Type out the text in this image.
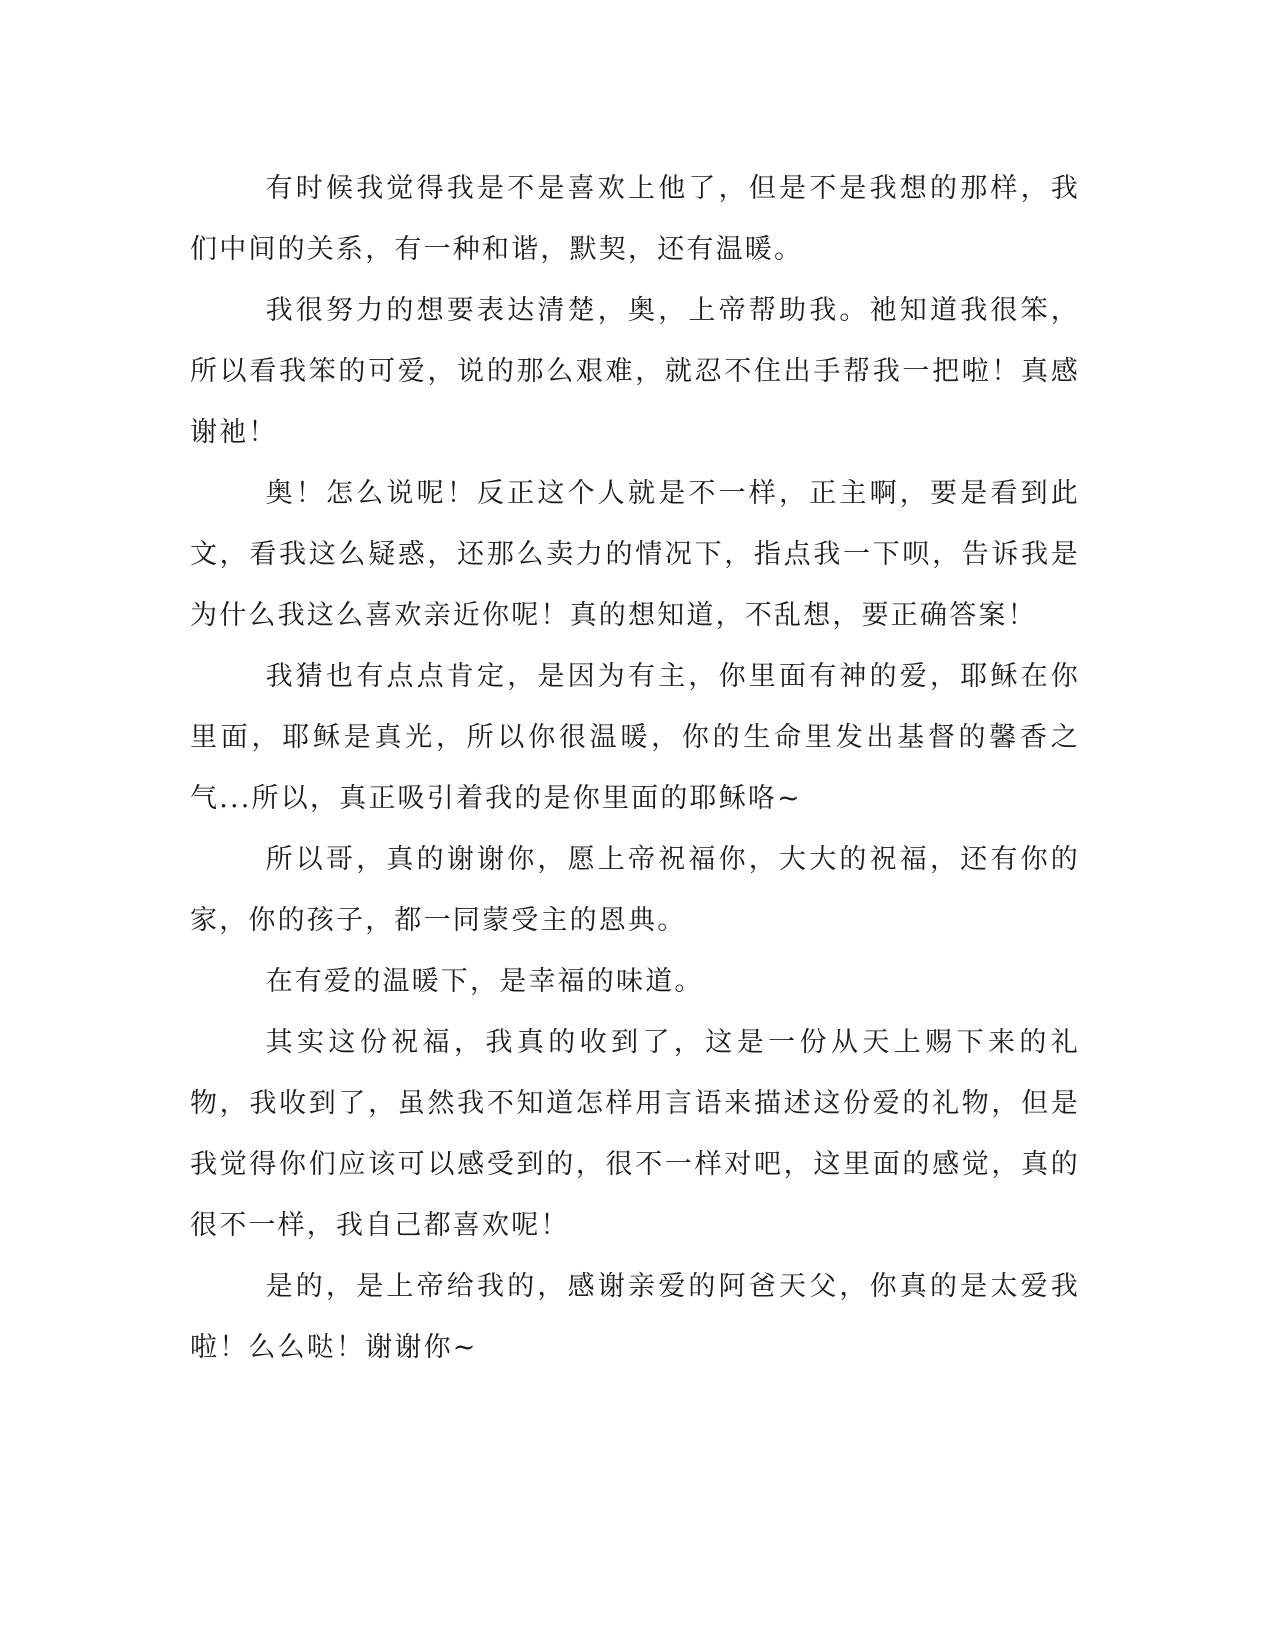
有时候我觉得我是不是喜欢上他了，但是不是我想的那样，我们中间的关系，有一种和谐，默契，还有温暖。

我很努力的想要表达清楚，奥，上帝帮助我。祂知道我很笨，所以看我笨的可爱，说的那么艰难，就忍不住出手帮我一把啦！真感谢祂！

奥！怎么说呢！反正这个人就是不一样，正主啊，要是看到此文，看我这么疑惑，还那么卖力的情况下，指点我一下呗，告诉我是为什么我这么喜欢亲近你呢！真的想知道，不乱想，要正确答案！

我猜也有点点肯定，是因为有主，你里面有神的爱，耶稣在你里面，耶稣是真光，所以你很温暖，你的生命里发出基督的馨香之气...所以，真正吸引着我的是你里面的耶稣咯~

所以哥，真的谢谢你，愿上帝祝福你，大大的祝福，还有你的家，你的孩子，都一同蒙受主的恩典。

在有爱的温暖下，是幸福的味道。

其实这份祝福，我真的收到了，这是一份从天上赐下来的礼物，我收到了，虽然我不知道怎样用言语来描述这份爱的礼物，但是我觉得你们应该可以感受到的，很不一样对吧，这里面的感觉，真的很不一样，我自己都喜欢呢！

是的，是上帝给我的，感谢亲爱的阿爸天父，你真的是太爱我啦！么么哒！谢谢你~
